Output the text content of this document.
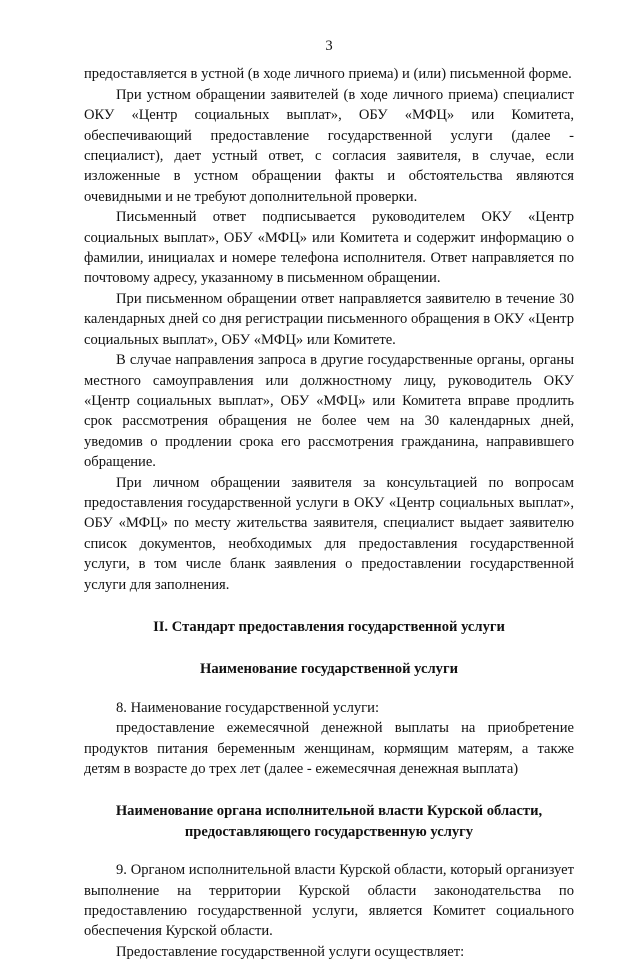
3

предоставляется в устной (в ходе личного приема) и (или) письменной форме.

При устном обращении заявителей (в ходе личного приема) специалист ОКУ «Центр социальных выплат», ОБУ «МФЦ» или Комитета, обеспечивающий предоставление государственной услуги (далее - специалист), дает устный ответ, с согласия заявителя, в случае, если изложенные в устном обращении факты и обстоятельства являются очевидными и не требуют дополнительной проверки.

Письменный ответ подписывается руководителем ОКУ «Центр социальных выплат», ОБУ «МФЦ» или Комитета и содержит информацию о фамилии, инициалах и номере телефона исполнителя. Ответ направляется по почтовому адресу, указанному в письменном обращении.

При письменном обращении ответ направляется заявителю в течение 30 календарных дней со дня регистрации письменного обращения в ОКУ «Центр социальных выплат», ОБУ «МФЦ» или Комитете.

В случае направления запроса в другие государственные органы, органы местного самоуправления или должностному лицу, руководитель ОКУ «Центр социальных выплат», ОБУ «МФЦ» или Комитета вправе продлить срок рассмотрения обращения не более чем на 30 календарных дней, уведомив о продлении срока его рассмотрения гражданина, направившего обращение.

При личном обращении заявителя за консультацией по вопросам предоставления государственной услуги в ОКУ «Центр социальных выплат», ОБУ «МФЦ» по месту жительства заявителя, специалист выдает заявителю список документов, необходимых для предоставления государственной услуги, в том числе бланк заявления о предоставлении государственной услуги для заполнения.

II. Стандарт предоставления государственной услуги
Наименование государственной услуги

8. Наименование государственной услуги:

предоставление ежемесячной денежной выплаты на приобретение продуктов питания беременным женщинам, кормящим матерям, а также детям в возрасте до трех лет (далее - ежемесячная денежная выплата)

Наименование органа исполнительной власти Курской области,
предоставляющего государственную услугу

9. Органом исполнительной власти Курской области, который организует выполнение на территории Курской области законодательства по предоставлению государственной услуги, является Комитет социального обеспечения Курской области.

Предоставление государственной услуги осуществляет:
